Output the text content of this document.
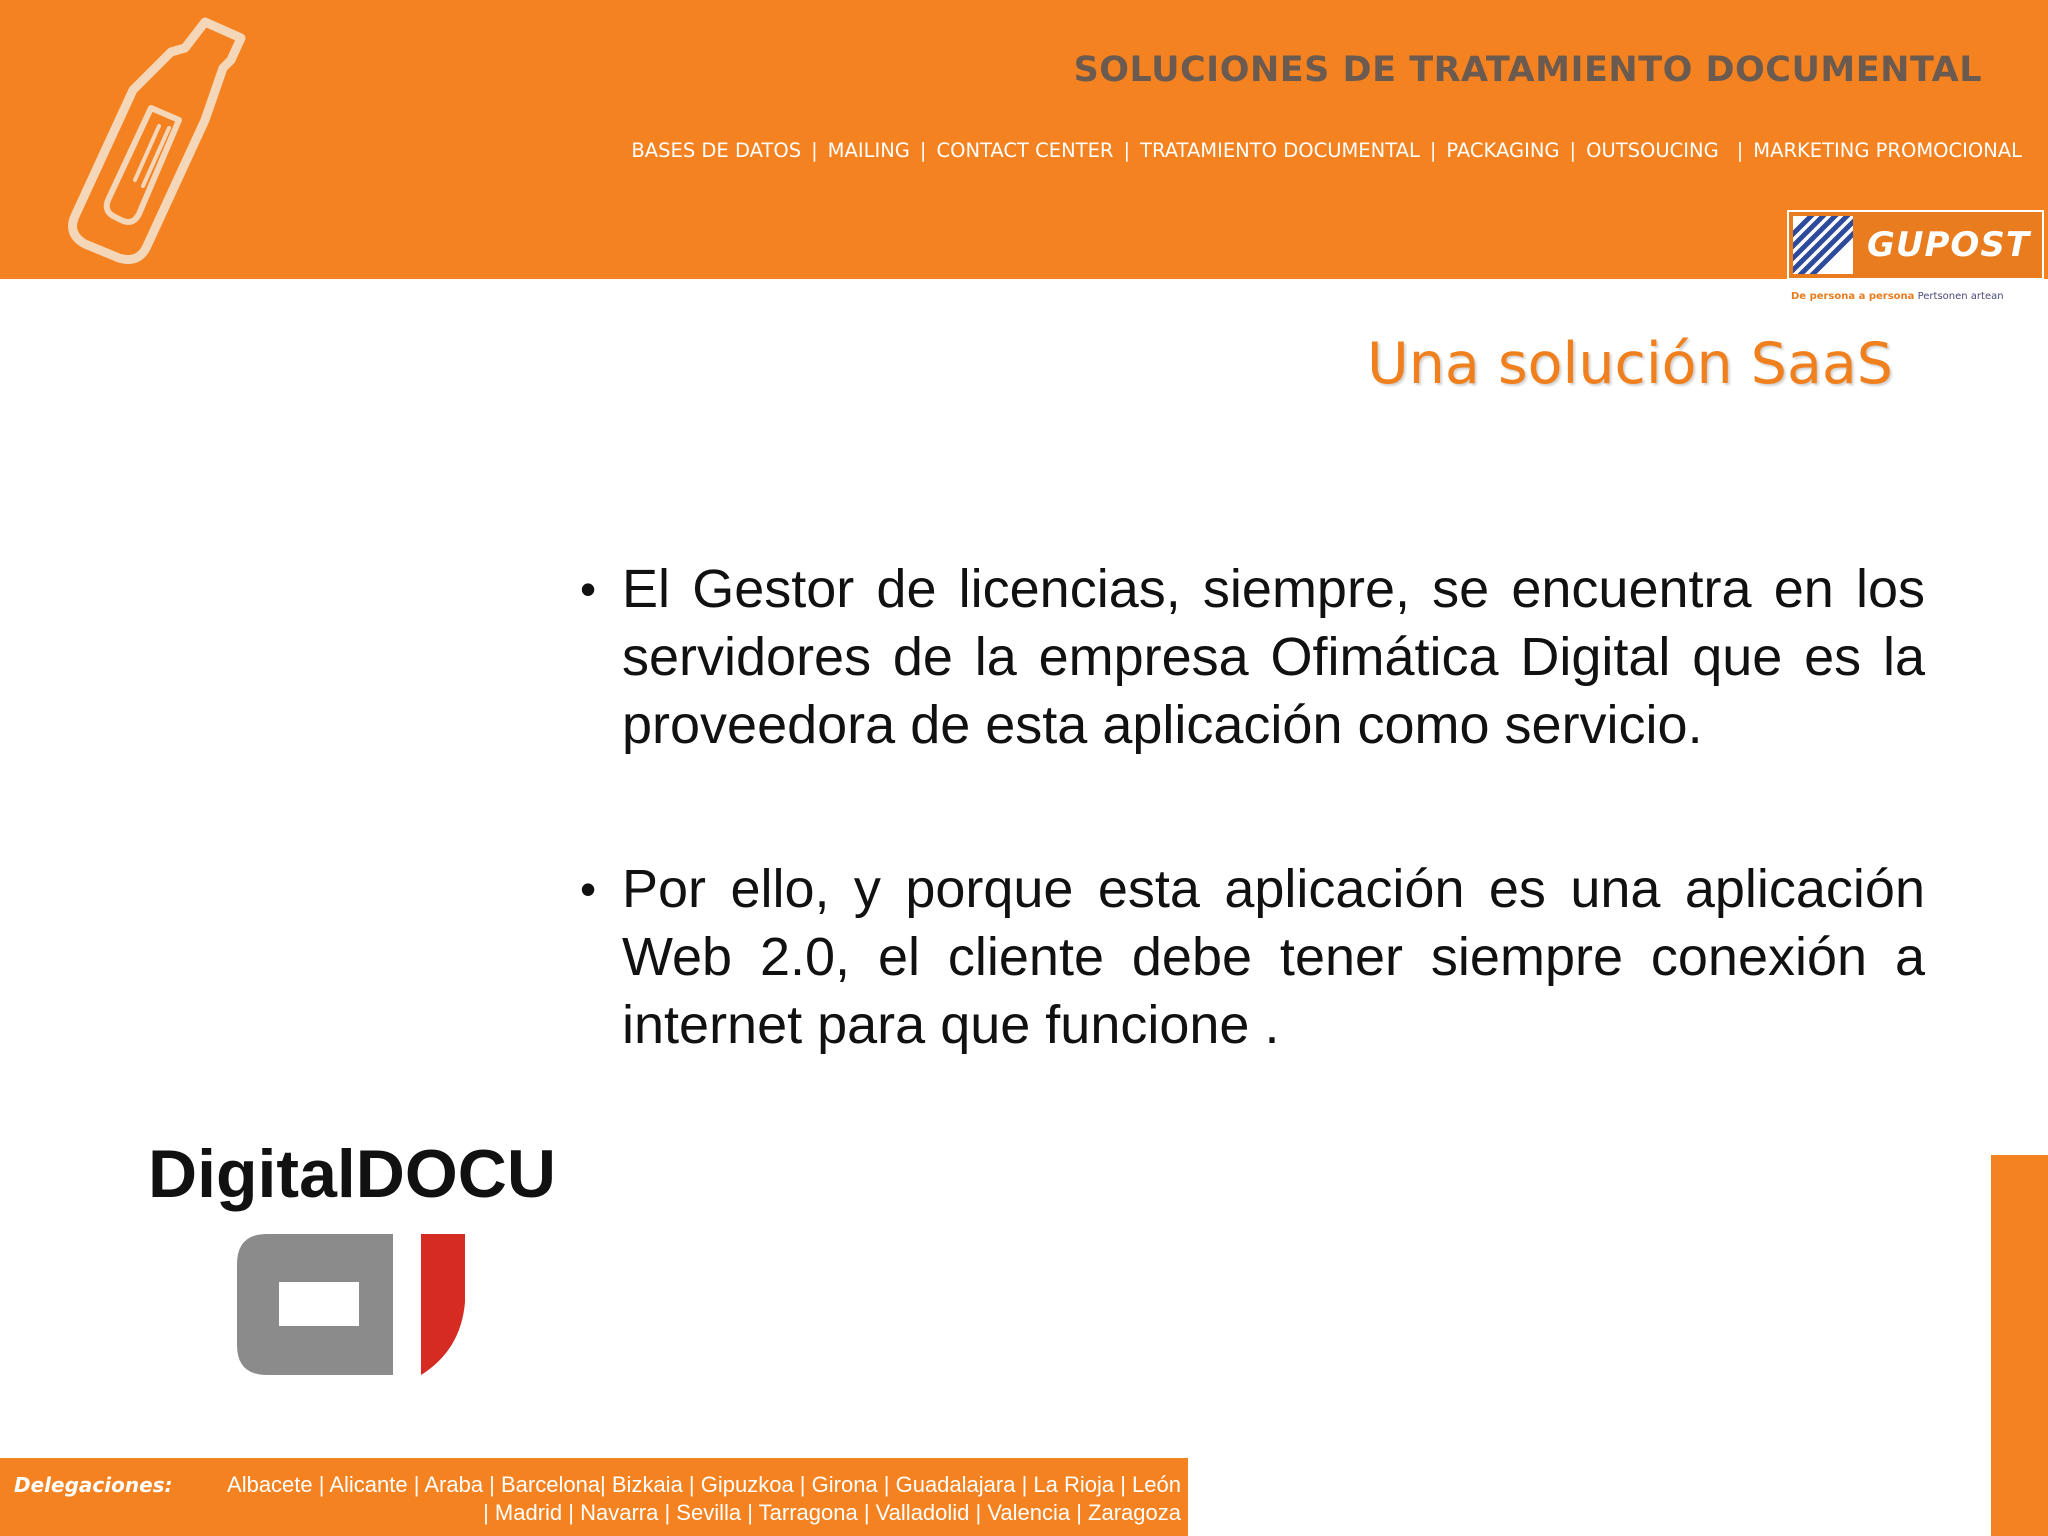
SOLUCIONES DE TRATAMIENTO DOCUMENTAL
BASES DE DATOS | MAILING | CONTACT CENTER | TRATAMIENTO DOCUMENTAL | PACKAGING | OUTSOUCING | MARKETING PROMOCIONAL
GUPOST
De persona a persona Pertsonen artean
Una solución SaaS
• El Gestor de licencias, siempre, se encuentra en los servidores de la empresa Ofimática Digital que es la proveedora de esta aplicación como servicio.
• Por ello, y porque esta aplicación es una aplicación Web 2.0, el cliente debe tener siempre conexión a internet para que funcione .
DigitalDOCU
Delegaciones:	Albacete | Alicante | Araba | Barcelona| Bizkaia | Gipuzkoa | Girona | Guadalajara | La Rioja | León
| Madrid | Navarra | Sevilla | Tarragona | Valladolid | Valencia | Zaragoza
